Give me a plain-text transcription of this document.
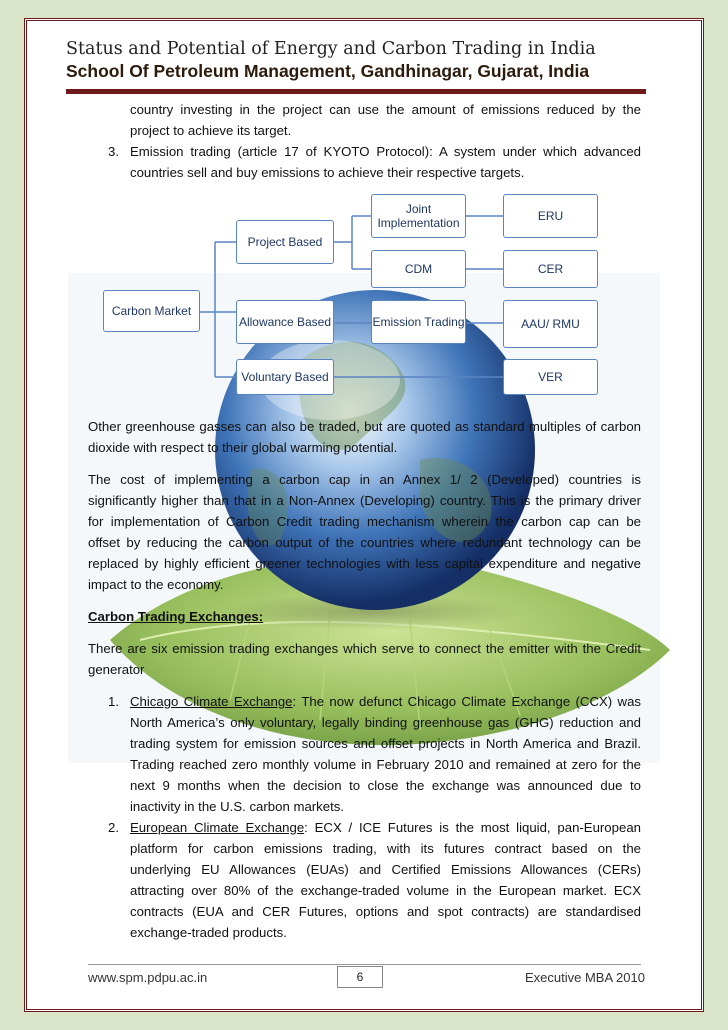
Status and Potential of Energy and Carbon Trading in India
School Of Petroleum Management, Gandhinagar, Gujarat, India
country investing in the project can use the amount of emissions reduced by the
project to achieve its target.
3. Emission trading (article 17 of KYOTO Protocol): A system under which advanced
countries sell and buy emissions to achieve their respective targets.
Carbon Market
Project Based
Allowance Based
Voluntary Based
Joint Implementation
CDM
Emission Trading
ERU
CER
AAU/ RMU
VER
Other greenhouse gasses can also be traded, but are quoted as standard multiples of carbon
dioxide with respect to their global warming potential.
The cost of implementing a carbon cap in an Annex 1/ 2 (Developed) countries is
significantly higher than that in a Non-Annex (Developing) country. This is the primary driver
for implementation of Carbon Credit trading mechanism wherein the carbon cap can be
offset by reducing the carbon output of the countries where redundant technology can be
replaced by highly efficient greener technologies with less capital expenditure and negative
impact to the economy.
Carbon Trading Exchanges:
There are six emission trading exchanges which serve to connect the emitter with the Credit
generator
1. Chicago Climate Exchange: The now defunct Chicago Climate Exchange (CCX) was
North America’s only voluntary, legally binding greenhouse gas (GHG) reduction and
trading system for emission sources and offset projects in North America and Brazil.
Trading reached zero monthly volume in February 2010 and remained at zero for the
next 9 months when the decision to close the exchange was announced due to
inactivity in the U.S. carbon markets.
2. European Climate Exchange: ECX / ICE Futures is the most liquid, pan-European
platform for carbon emissions trading, with its futures contract based on the
underlying EU Allowances (EUAs) and Certified Emissions Allowances (CERs)
attracting over 80% of the exchange-traded volume in the European market. ECX
contracts (EUA and CER Futures, options and spot contracts) are standardised
exchange-traded products.
www.spm.pdpu.ac.in	Executive MBA 2010
6
